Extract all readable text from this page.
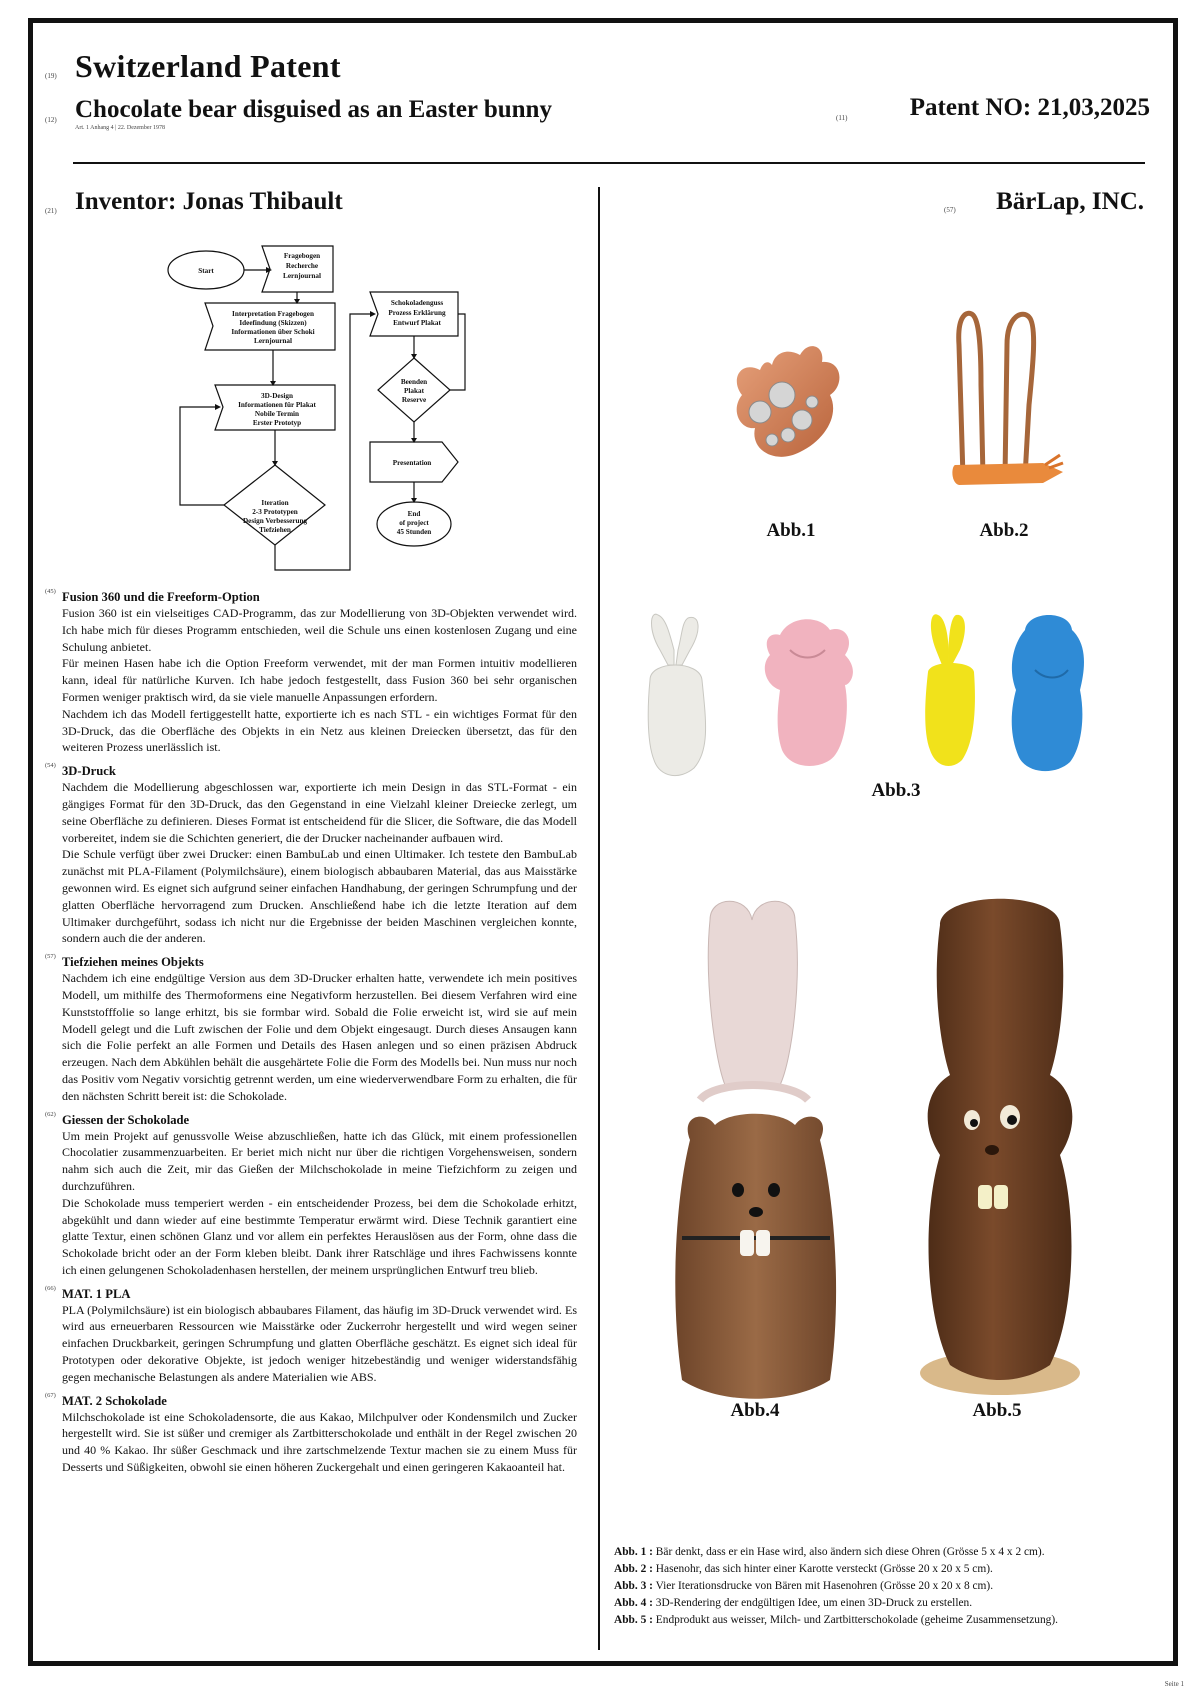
(19) Switzerland Patent
(12) Chocolate bear disguised as an Easter bunny
Art. 1 Anhang 4 | 22. Dezember 1978
(11) Patent NO: 21,03,2025
(21) Inventor: Jonas Thibault	(57) BärLap, INC.
Start
Fragebogen
Recherche
Lernjournal
Interpretation Fragebogen
Ideefindung (Skizzen)
Informationen über Schoki
Lernjournal
3D-Design
Informationen für Plakat
Nobile Termin
Erster Prototyp
Iteration
2-3 Prototypen
Design Verbesserung
Tiefziehen
Schokoladenguss
Prozess Erklärung
Entwurf Plakat
Beenden
Plakat
Reserve
Presentation
End
of project
45 Stunden
(45) Fusion 360 und die Freeform-Option
Fusion 360 ist ein vielseitiges CAD-Programm, das zur Modellierung von 3D-Objekten verwendet wird. Ich habe mich für dieses Programm entschieden, weil die Schule uns einen kostenlosen Zugang und eine Schulung anbietet.
Für meinen Hasen habe ich die Option Freeform verwendet, mit der man Formen intuitiv modellieren kann, ideal für natürliche Kurven. Ich habe jedoch festgestellt, dass Fusion 360 bei sehr organischen Formen weniger praktisch wird, da sie viele manuelle Anpassungen erfordern.
Nachdem ich das Modell fertiggestellt hatte, exportierte ich es nach STL - ein wichtiges Format für den 3D-Druck, das die Oberfläche des Objekts in ein Netz aus kleinen Dreiecken übersetzt, das für den weiteren Prozess unerlässlich ist.
(54) 3D-Druck
Nachdem die Modellierung abgeschlossen war, exportierte ich mein Design in das STL-Format - ein gängiges Format für den 3D-Druck, das den Gegenstand in eine Vielzahl kleiner Dreiecke zerlegt, um seine Oberfläche zu definieren. Dieses Format ist entscheidend für die Slicer, die Software, die das Modell vorbereitet, indem sie die Schichten generiert, die der Drucker nacheinander aufbauen wird.
Die Schule verfügt über zwei Drucker: einen BambuLab und einen Ultimaker. Ich testete den BambuLab zunächst mit PLA-Filament (Polymilchsäure), einem biologisch abbaubaren Material, das aus Maisstärke gewonnen wird. Es eignet sich aufgrund seiner einfachen Handhabung, der geringen Schrumpfung und der glatten Oberfläche hervorragend zum Drucken. Anschließend habe ich die letzte Iteration auf dem Ultimaker durchgeführt, sodass ich nicht nur die Ergebnisse der beiden Maschinen vergleichen konnte, sondern auch die der anderen.
(57) Tiefziehen meines Objekts
Nachdem ich eine endgültige Version aus dem 3D-Drucker erhalten hatte, verwendete ich mein positives Modell, um mithilfe des Thermoformens eine Negativform herzustellen. Bei diesem Verfahren wird eine Kunststofffolie so lange erhitzt, bis sie formbar wird. Sobald die Folie erweicht ist, wird sie auf mein Modell gelegt und die Luft zwischen der Folie und dem Objekt eingesaugt. Durch dieses Ansaugen kann sich die Folie perfekt an alle Formen und Details des Hasen anlegen und so einen präzisen Abdruck erzeugen. Nach dem Abkühlen behält die ausgehärtete Folie die Form des Modells bei. Nun muss nur noch das Positiv vom Negativ vorsichtig getrennt werden, um eine wiederverwendbare Form zu erhalten, die für den nächsten Schritt bereit ist: die Schokolade.
(62) Giessen der Schokolade
Um mein Projekt auf genussvolle Weise abzuschließen, hatte ich das Glück, mit einem professionellen Chocolatier zusammenzuarbeiten. Er beriet mich nicht nur über die richtigen Vorgehensweisen, sondern nahm sich auch die Zeit, mir das Gießen der Milchschokolade in meine Tiefzichform zu zeigen und durchzuführen.
Die Schokolade muss temperiert werden - ein entscheidender Prozess, bei dem die Schokolade erhitzt, abgekühlt und dann wieder auf eine bestimmte Temperatur erwärmt wird. Diese Technik garantiert eine glatte Textur, einen schönen Glanz und vor allem ein perfektes Herauslösen aus der Form, ohne dass die Schokolade bricht oder an der Form kleben bleibt. Dank ihrer Ratschläge und ihres Fachwissens konnte ich einen gelungenen Schokoladenhasen herstellen, der meinem ursprünglichen Entwurf treu blieb.
(66) MAT. 1 PLA
PLA (Polymilchsäure) ist ein biologisch abbaubares Filament, das häufig im 3D-Druck verwendet wird. Es wird aus erneuerbaren Ressourcen wie Maisstärke oder Zuckerrohr hergestellt und wird wegen seiner einfachen Druckbarkeit, geringen Schrumpfung und glatten Oberfläche geschätzt. Es eignet sich ideal für Prototypen oder dekorative Objekte, ist jedoch weniger hitzebeständig und weniger widerstandsfähig gegen mechanische Belastungen als andere Materialien wie ABS.
(67) MAT. 2 Schokolade
Milchschokolade ist eine Schokoladensorte, die aus Kakao, Milchpulver oder Kondensmilch und Zucker hergestellt wird. Sie ist süßer und cremiger als Zartbitterschokolade und enthält in der Regel zwischen 20 und 40 % Kakao. Ihr süßer Geschmack und ihre zartschmelzende Textur machen sie zu einem Muss für Desserts und Süßigkeiten, obwohl sie einen höheren Zuckergehalt und einen geringeren Kakaoanteil hat.
Abb.1	Abb.2
Abb.3
Abb.4	Abb.5
Abb. 1 : Bär denkt, dass er ein Hase wird, also ändern sich diese Ohren (Grösse 5 x 4 x 2 cm).
Abb. 2 : Hasenohr, das sich hinter einer Karotte versteckt (Grösse 20 x 20 x 5 cm).
Abb. 3 : Vier Iterationsdrucke von Bären mit Hasenohren (Grösse 20 x 20 x 8 cm).
Abb. 4 : 3D-Rendering der endgültigen Idee, um einen 3D-Druck zu erstellen.
Abb. 5 : Endprodukt aus weisser, Milch- und Zartbitterschokolade (geheime Zusammensetzung).
Seite 1
